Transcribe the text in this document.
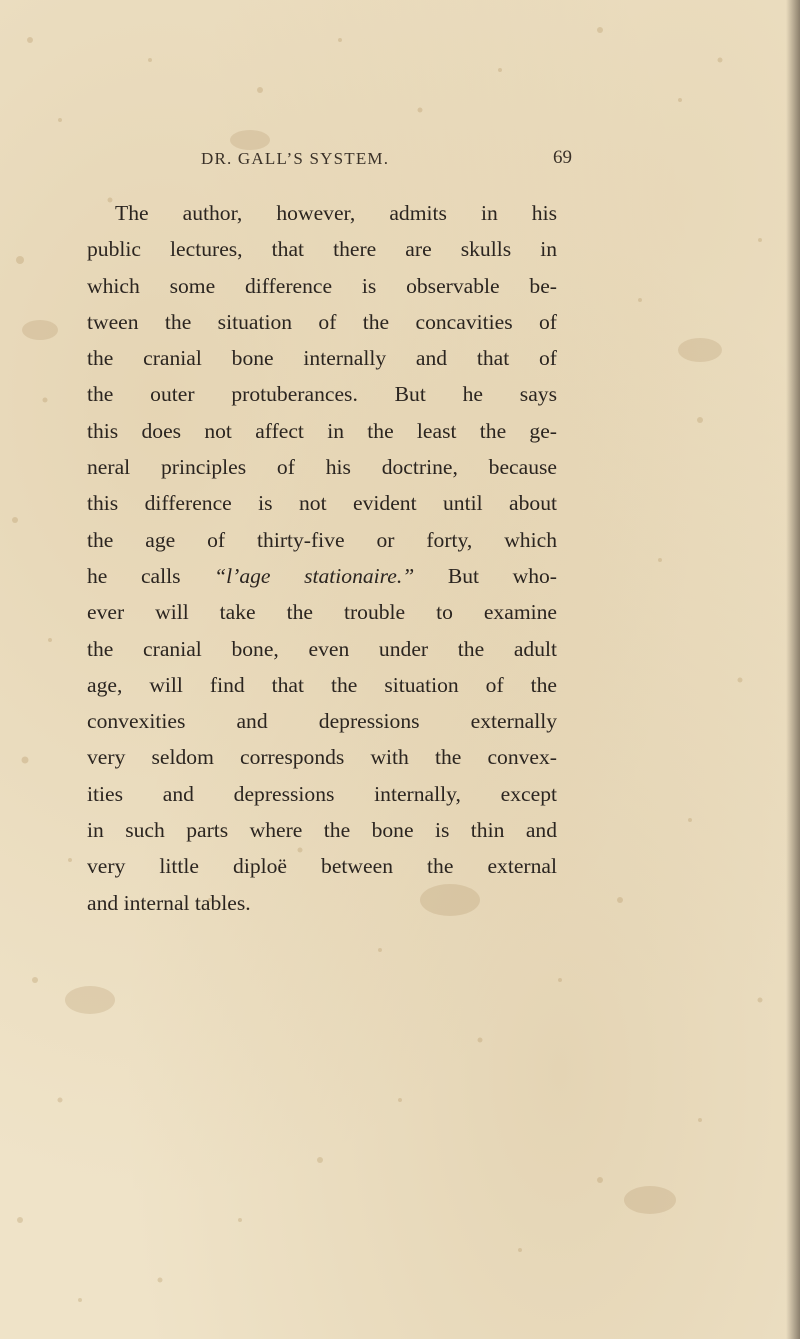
DR. GALL’S SYSTEM.	69
The author, however, admits in his
public lectures, that there are skulls in
which some difference is observable be-
tween the situation of the concavities of
the cranial bone internally and that of
the outer protuberances. But he says
this does not affect in the least the ge-
neral principles of his doctrine, because
this difference is not evident until about
the age of thirty-five or forty, which
he calls “l’age stationaire.” But who-
ever will take the trouble to examine
the cranial bone, even under the adult
age, will find that the situation of the
convexities and depressions externally
very seldom corresponds with the convex-
ities and depressions internally, except
in such parts where the bone is thin and
very little diploë between the external
and internal tables.
